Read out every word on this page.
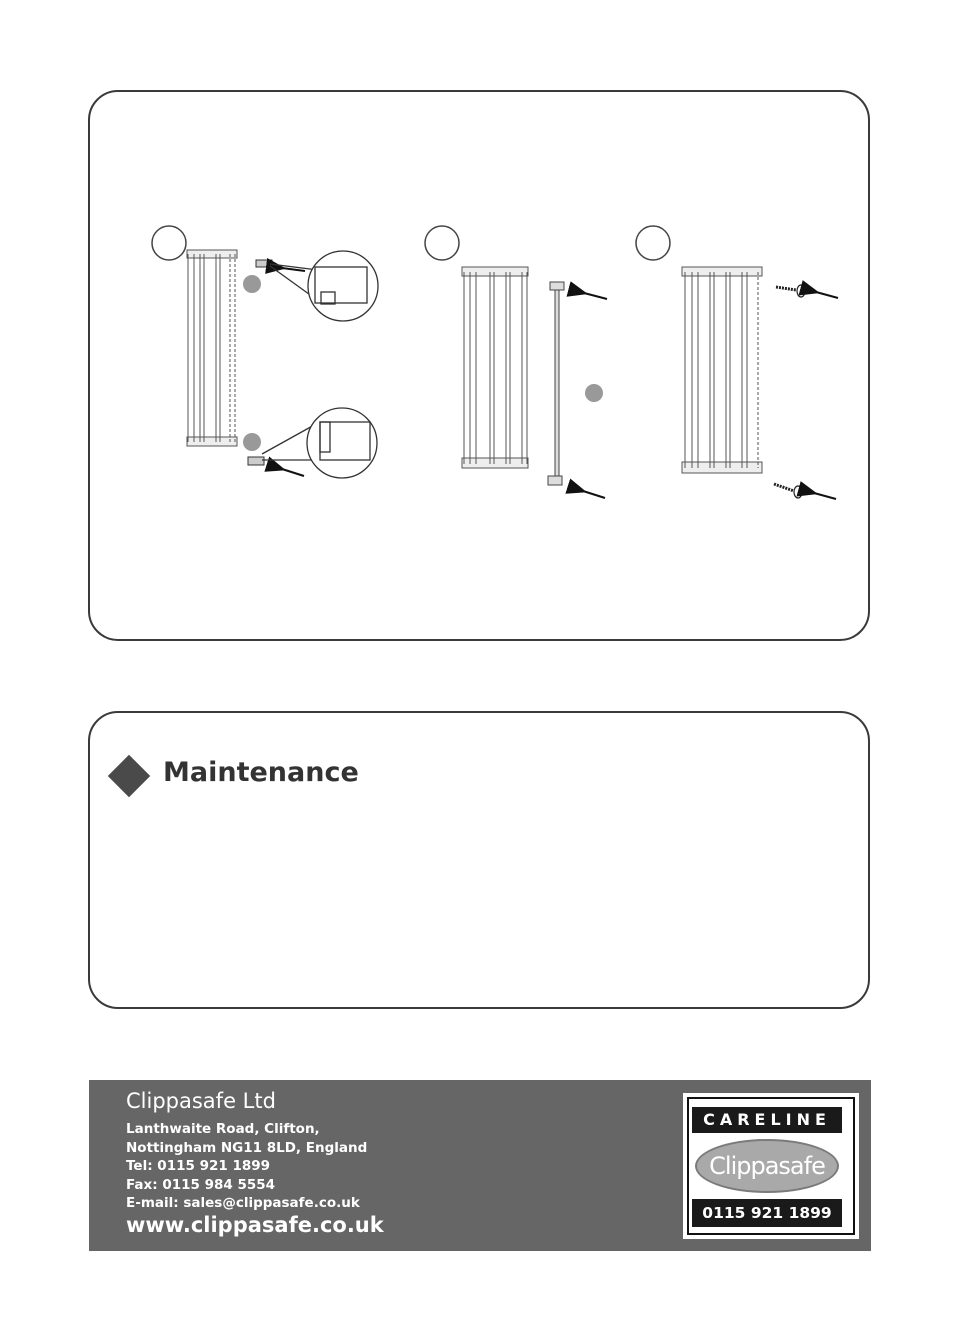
Maintenance
Clippasafe Ltd
Lanthwaite Road, Clifton,
Nottingham NG11 8LD, England
Tel: 0115 921 1899
Fax: 0115 984 5554
E-mail: sales@clippasafe.co.uk
www.clippasafe.co.uk
CARELINE
Clippasafe
0115 921 1899
